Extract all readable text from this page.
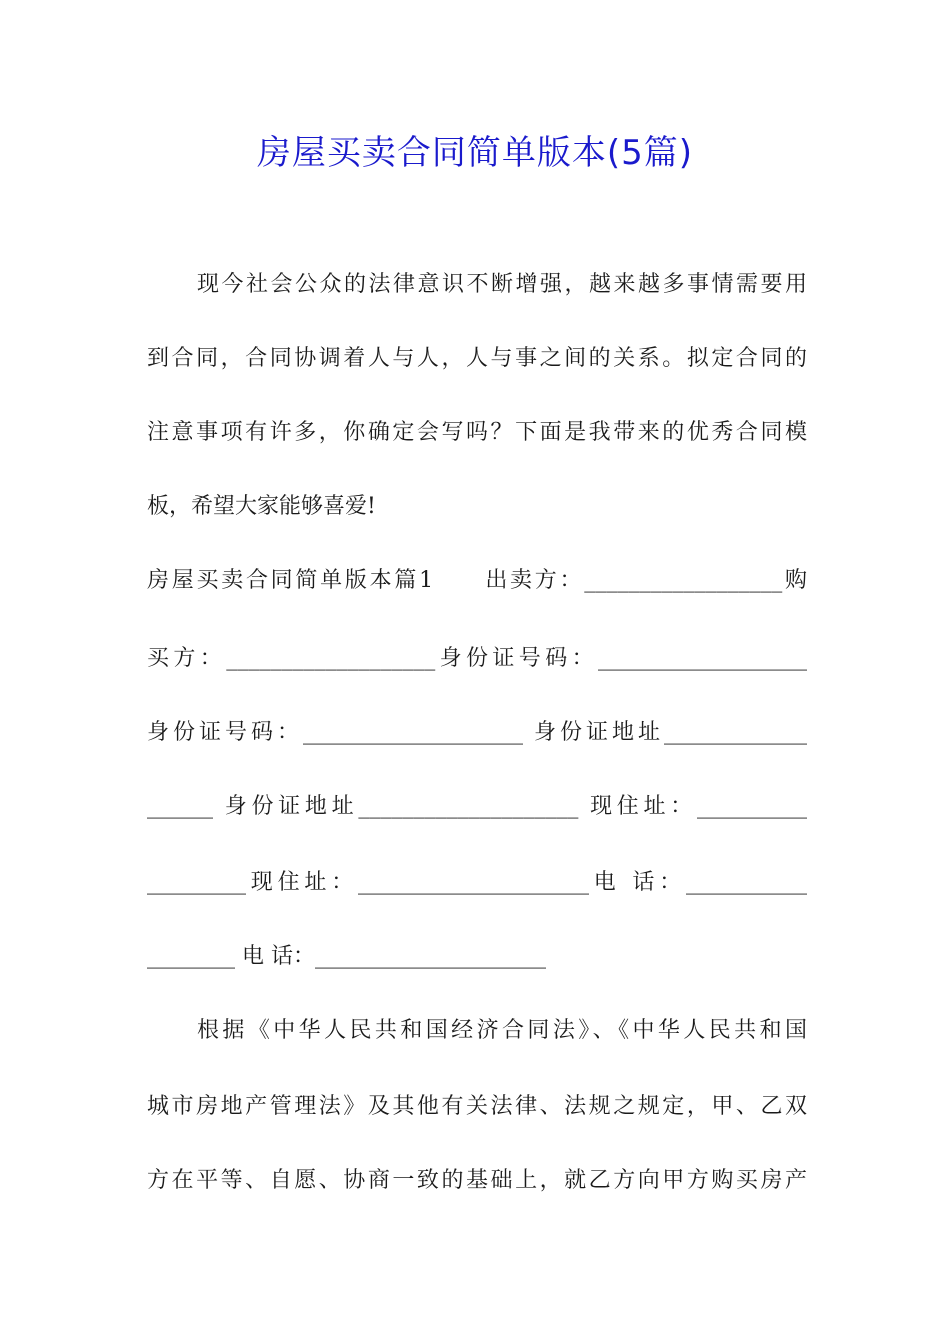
房屋买卖合同简单版本(5篇)

现今社会公众的法律意识不断增强，越来越多事情需要用

到合同，合同协调着人与人，人与事之间的关系。拟定合同的

注意事项有许多，你确定会写吗？下面是我带来的优秀合同模

板，希望大家能够喜爱!

房屋买卖合同简单版本篇1　　出卖方：__________________购

买方：___________________身份证号码：___________________

身份证号码：____________________ 身份证地址_____________

______ 身份证地址____________________ 现住址：__________

_________现住址：_____________________电 话：___________

________ 电 话：_____________________

根据《中华人民共和国经济合同法》、《中华人民共和国

城市房地产管理法》及其他有关法律、法规之规定，甲、乙双

方在平等、自愿、协商一致的基础上，就乙方向甲方购买房产
